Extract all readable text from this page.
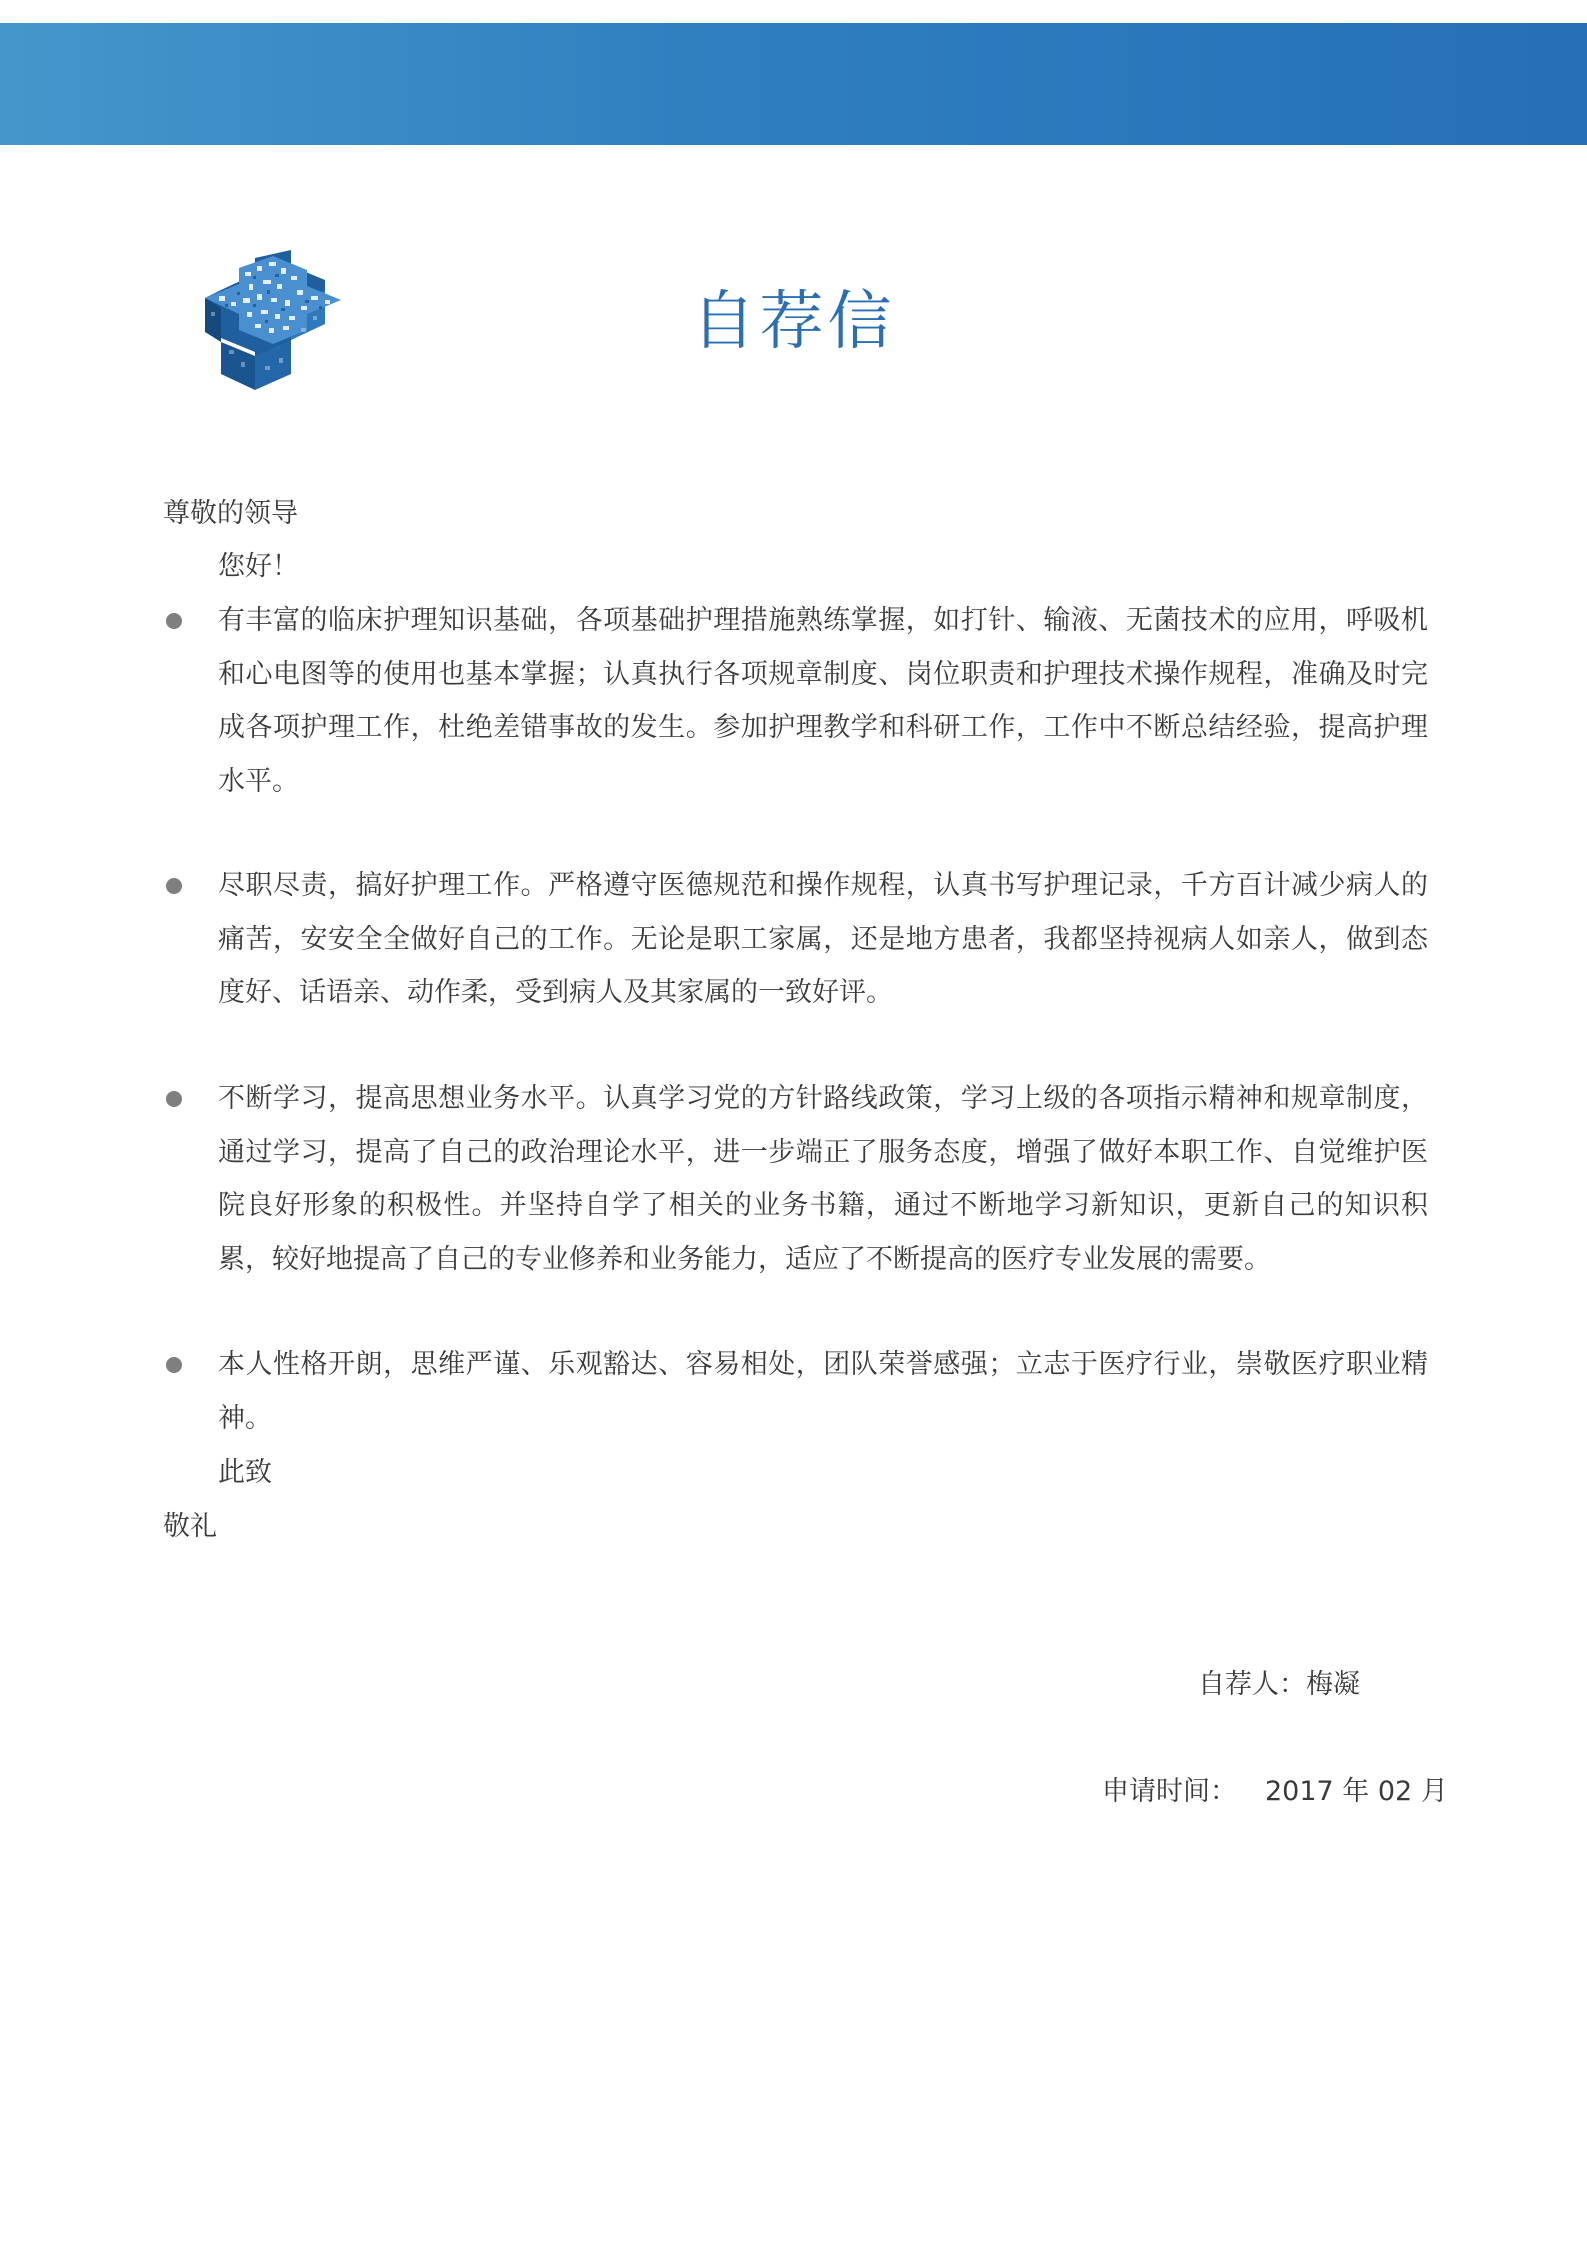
自荐信
尊敬的领导
您好！
有丰富的临床护理知识基础，各项基础护理措施熟练掌握，如打针、输液、无菌技术的应用，呼吸机和心电图等的使用也基本掌握；认真执行各项规章制度、岗位职责和护理技术操作规程，准确及时完成各项护理工作，杜绝差错事故的发生。参加护理教学和科研工作，工作中不断总结经验，提高护理水平。
尽职尽责，搞好护理工作。严格遵守医德规范和操作规程，认真书写护理记录，千方百计减少病人的痛苦，安安全全做好自己的工作。无论是职工家属，还是地方患者，我都坚持视病人如亲人，做到态度好、话语亲、动作柔，受到病人及其家属的一致好评。
不断学习，提高思想业务水平。认真学习党的方针路线政策，学习上级的各项指示精神和规章制度，通过学习，提高了自己的政治理论水平，进一步端正了服务态度，增强了做好本职工作、自觉维护医院良好形象的积极性。并坚持自学了相关的业务书籍，通过不断地学习新知识，更新自己的知识积累，较好地提高了自己的专业修养和业务能力，适应了不断提高的医疗专业发展的需要。
本人性格开朗，思维严谨、乐观豁达、容易相处，团队荣誉感强；立志于医疗行业，崇敬医疗职业精神。
此致
敬礼
自荐人：梅凝
申请时间： 2017 年 02 月
